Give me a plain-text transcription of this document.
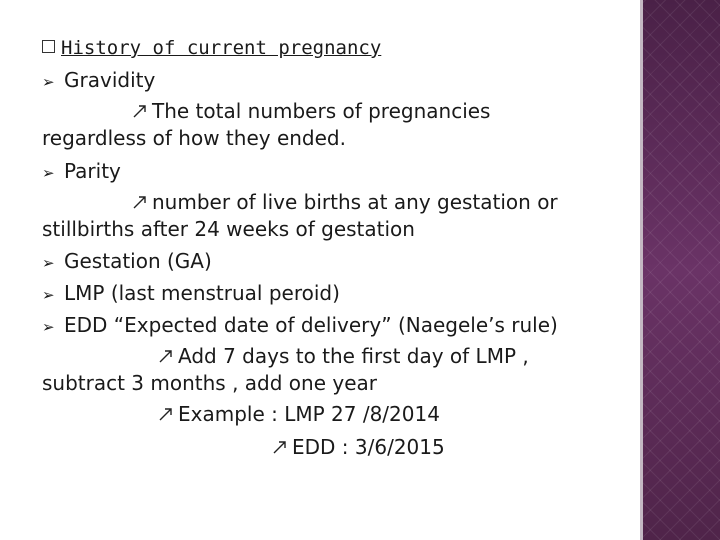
History of current pregnancy
➢ Gravidity
The total numbers of pregnancies
regardless of how they ended.
➢ Parity
number of live births at any gestation or
stillbirths after 24 weeks of gestation
➢ Gestation (GA)
➢ LMP (last menstrual peroid)
➢ EDD “Expected date of delivery” (Naegele’s rule)
Add 7 days to the first day of LMP ,
subtract 3 months , add one year
Example : LMP 27 /8/2014
EDD : 3/6/2015
